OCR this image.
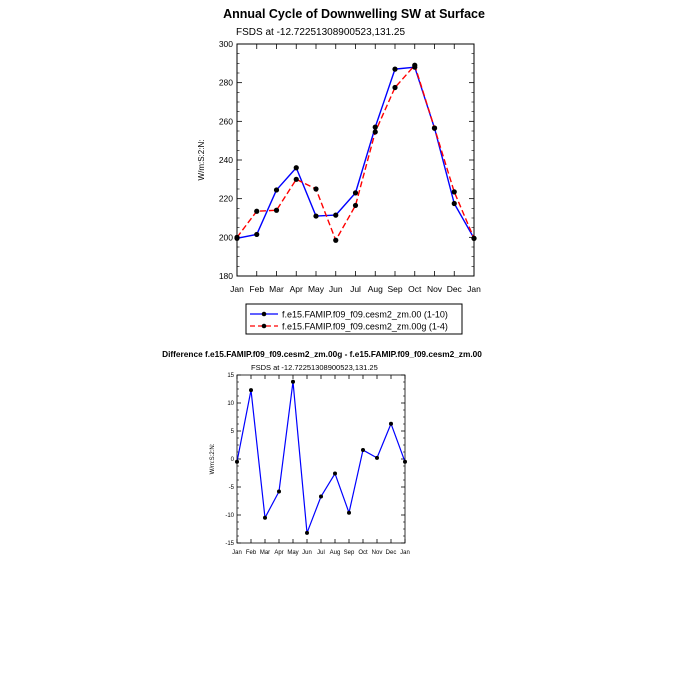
Annual Cycle of Downwelling SW at Surface
FSDS at -12.72251308900523,131.25
W/m:S:2:N:
180
200
220
240
260
280
300
Jan Feb Mar Apr May Jun Jul Aug Sep Oct Nov Dec Jan
f.e15.FAMIP.f09_f09.cesm2_zm.00 (1-10)
f.e15.FAMIP.f09_f09.cesm2_zm.00g (1-4)
Difference f.e15.FAMIP.f09_f09.cesm2_zm.00g - f.e15.FAMIP.f09_f09.cesm2_zm.00
FSDS at -12.72251308900523,131.25
W/m:S:2:N:
-15
-10
-5
0
5
10
15
Jan Feb Mar Apr May Jun Jul Aug Sep Oct Nov Dec Jan
